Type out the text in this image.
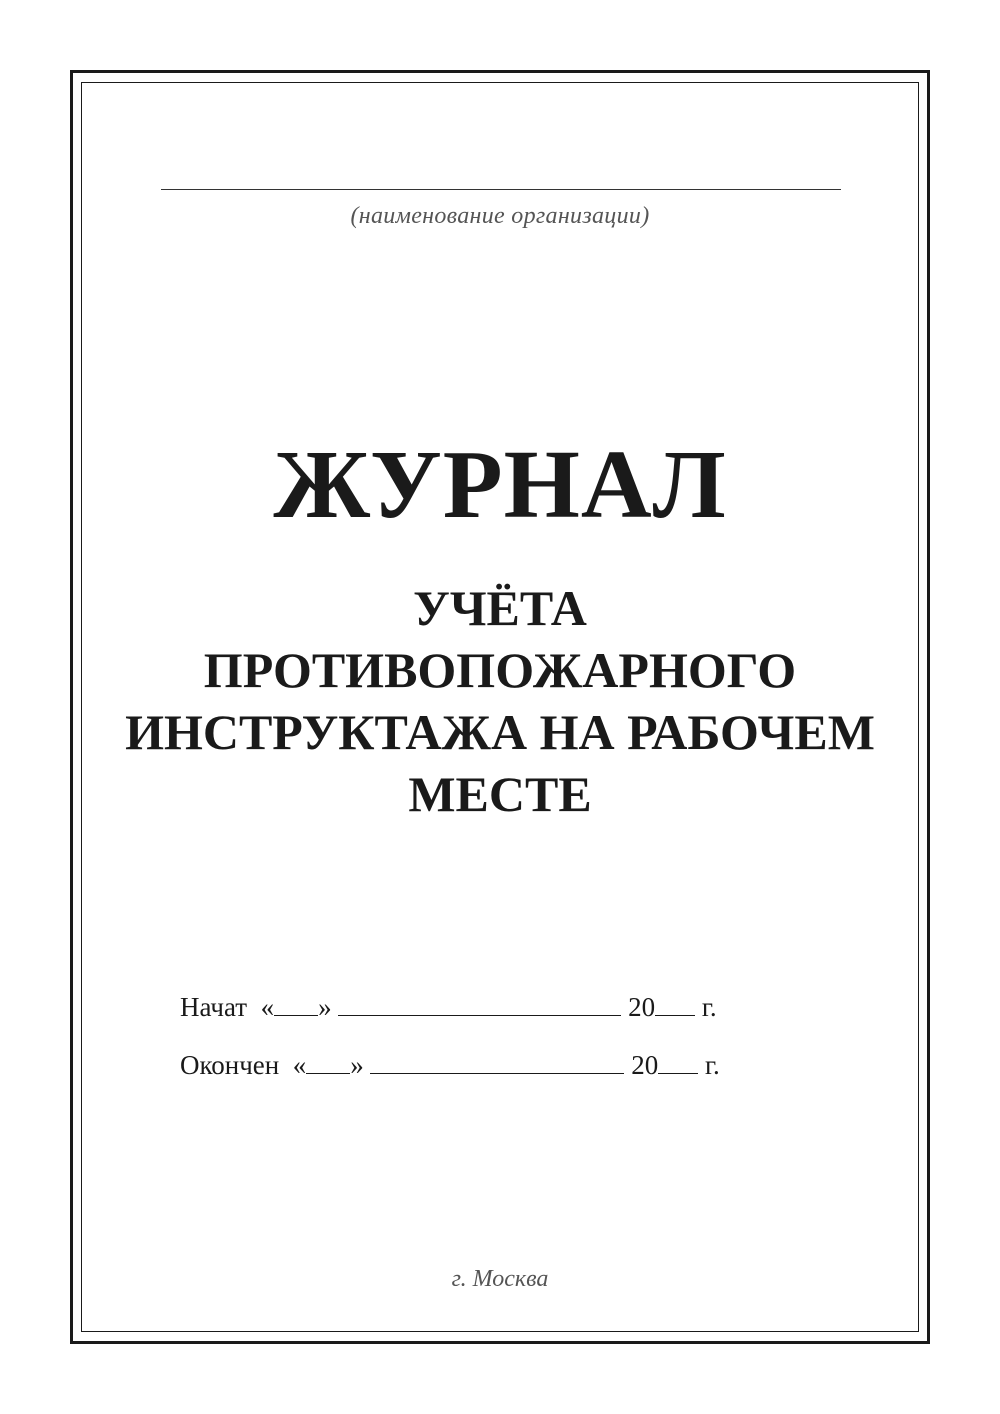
(наименование организации)
ЖУРНАЛ
УЧЁТА
ПРОТИВОПОЖАРНОГО
ИНСТРУКТАЖА НА РАБОЧЕМ
МЕСТЕ
Начат « »	20 г.
Окончен « »	20 г.
г. Москва
